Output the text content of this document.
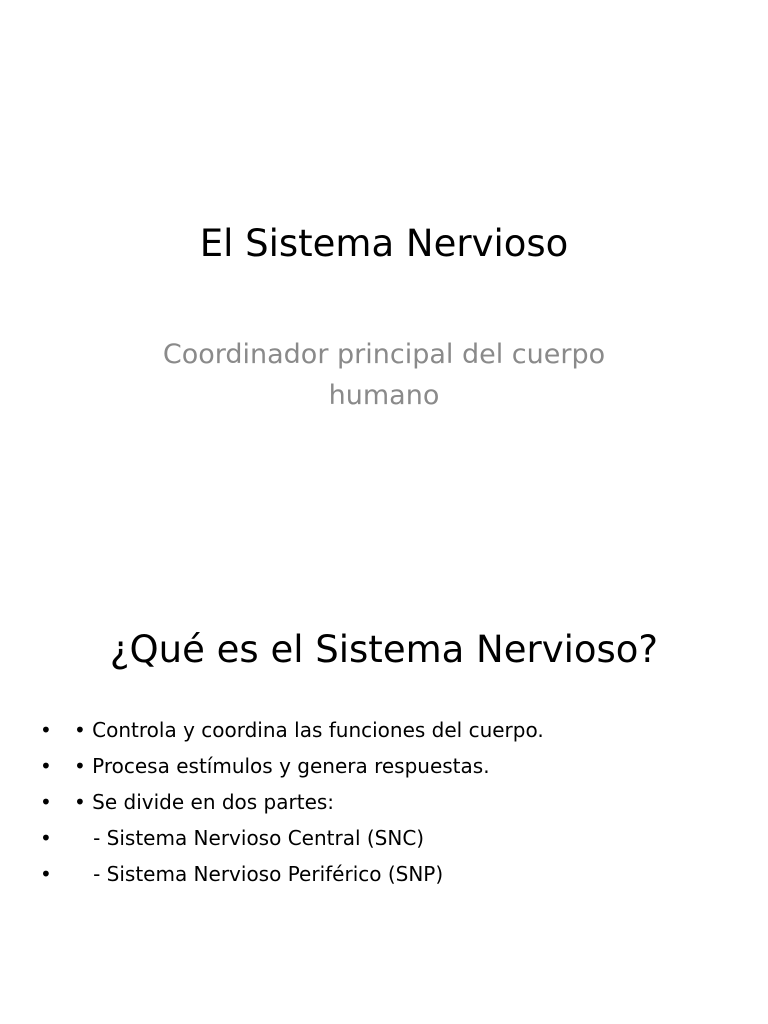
El Sistema Nervioso

Coordinador principal del cuerpo humano

¿Qué es el Sistema Nervioso?

•

	• Controla y coordina las funciones del cuerpo.

•

	• Procesa estímulos y genera respuestas.

•

	• Se divide en dos partes:

•

	- Sistema Nervioso Central (SNC)

•

	- Sistema Nervioso Periférico (SNP)
